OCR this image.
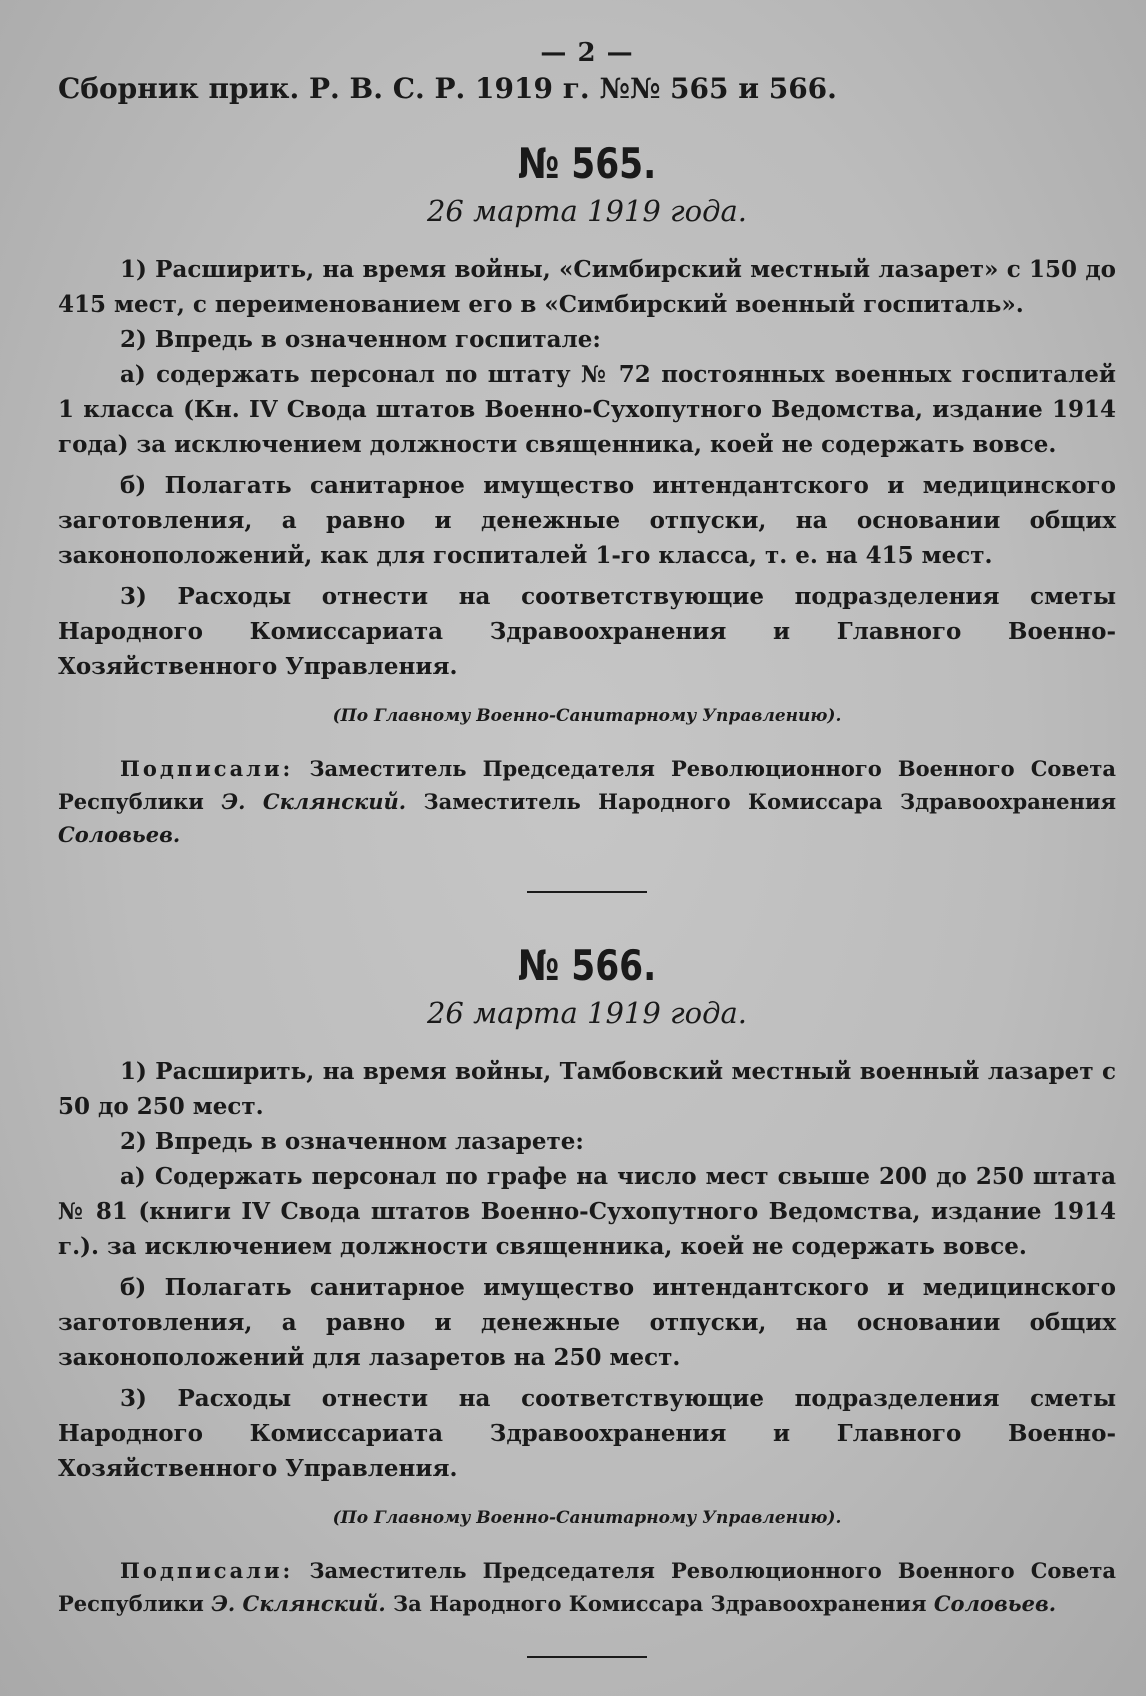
— 2 —
Сборник прик. Р. В. С. Р. 1919 г. №№ 565 и 566.
№ 565.
26 марта 1919 года.

1) Расширить, на время войны, «Симбирский местный лазарет» с 150 до 415 мест, с переименованием его в «Симбирский военный госпиталь».

2) Впредь в означенном госпитале:

а) содержать персонал по штату № 72 постоянных военных госпиталей 1 класса (Кн. IV Свода штатов Военно-Сухопутного Ведомства, издание 1914 года) за исключением должности священника, коей не содержать вовсе.

б) Полагать санитарное имущество интендантского и медицинского заготовления, а равно и денежные отпуски, на основании общих законоположений, как для госпиталей 1-го класса, т. е. на 415 мест.

3) Расходы отнести на соответствующие подразделения сметы Народного Комиссариата Здравоохранения и Главного Военно-Хозяйственного Управления.

(По Главному Военно-Санитарному Управлению).

Подписали: Заместитель Председателя Революционного Военного Совета Республики Э. Склянский. Заместитель Народного Комиссара Здравоохранения Соловьев.

№ 566.
26 марта 1919 года.

1) Расширить, на время войны, Тамбовский местный военный лазарет с 50 до 250 мест.

2) Впредь в означенном лазарете:

а) Содержать персонал по графе на число мест свыше 200 до 250 штата № 81 (книги IV Свода штатов Военно-Сухопутного Ведомства, издание 1914 г.). за исключением должности священника, коей не содержать вовсе.

б) Полагать санитарное имущество интендантского и медицинского заготовления, а равно и денежные отпуски, на основании общих законоположений для лазаретов на 250 мест.

3) Расходы отнести на соответствующие подразделения сметы Народного Комиссариата Здравоохранения и Главного Военно-Хозяйственного Управления.

(По Главному Военно-Санитарному Управлению).

Подписали: Заместитель Председателя Революционного Военного Совета Республики Э. Склянский. За Народного Комиссара Здравоохранения Соловьев.
